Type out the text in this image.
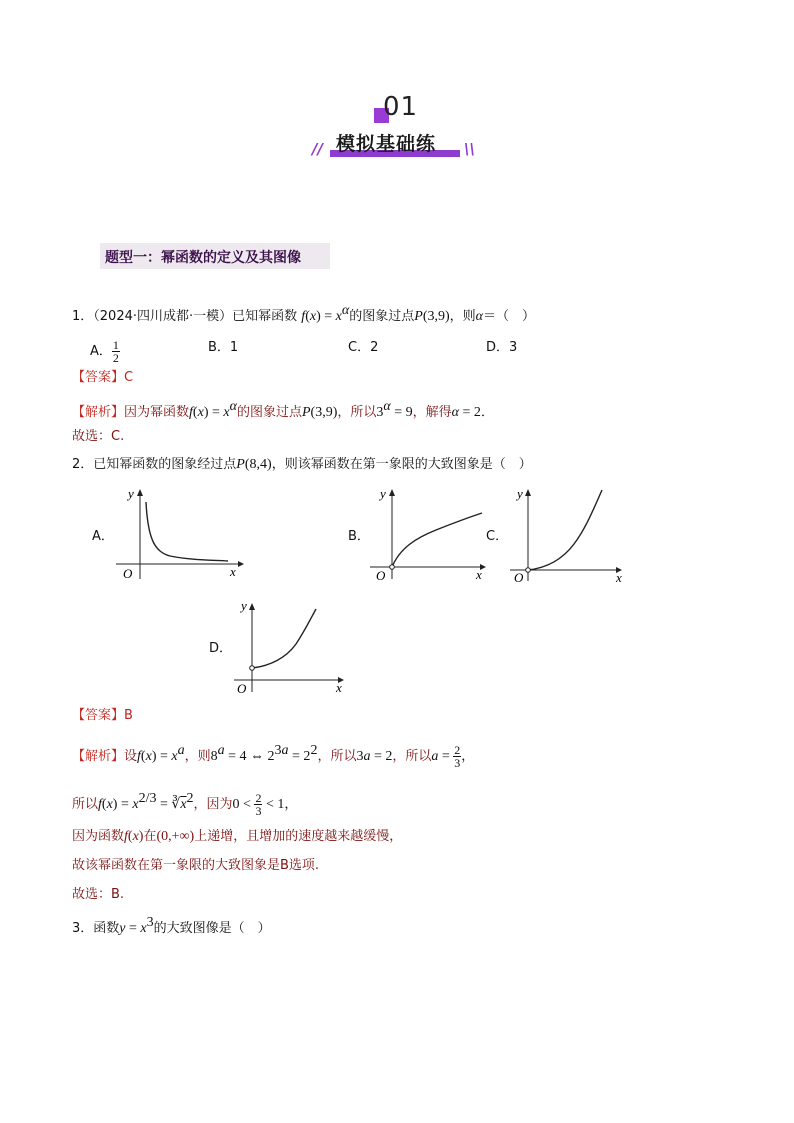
01
// 模拟基础练 \\
题型一：幂函数的定义及其图像
1．（2024·四川成都·一模）已知幂函数 $f(x) = x^\alpha$的图象过点P(3,9)，则α＝（　）
A． $\frac{1}{2}$	B．1	C．2	D．3
【答案】C
【解析】因为幂函数$f(x) = x^\alpha$的图象过点P(3,9)，所以$3^\alpha = 9$，解得α = 2．
故选：C.
2．已知幂函数的图象经过点P(8,4)，则该幂函数在第一象限的大致图象是（　）
A．	B．	C．
D．
x
y
O	x
y
O	x
y
O
x
y
O
【答案】B
【解析】设$f(x) = x^a$，则$8^a = 4$ ⇔ $2^{3a} = 2^2$，所以3a = 2，所以$a = \frac{2}{3}$ ，
所以$f(x) = x^{2/3}$ = $∛\overline{x}^2$，因为$0 < \frac{2}{3} < 1$，
因为函数f(x)在(0,+∞)上递增，且增加的速度越来越缓慢，
故该幂函数在第一象限的大致图象是B选项.
故选：B.
3．函数$y = x^3$的大致图像是（　）
